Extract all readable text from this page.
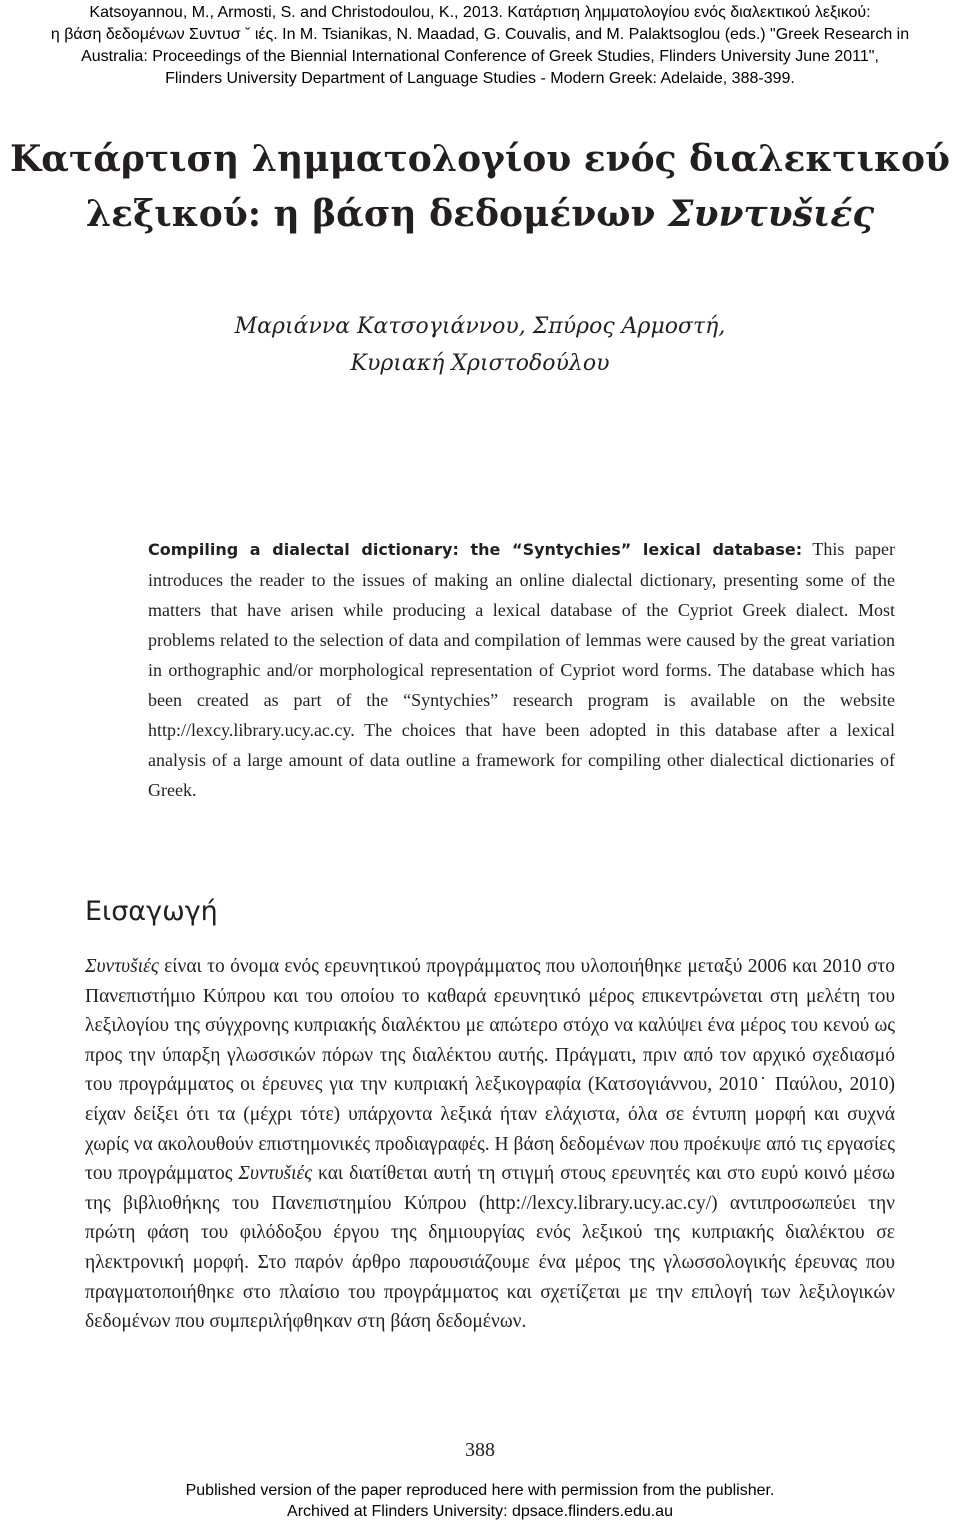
Katsoyannou, M., Armosti, S. and Christodoulou, K., 2013. Κατάρτιση λημματολογίου ενός διαλεκτικού λεξικού:
η βάση δεδομένων Συντυσ ˇ ιές. In M. Tsianikas, N. Maadad, G. Couvalis, and M. Palaktsoglou (eds.) "Greek Research in
Australia: Proceedings of the Biennial International Conference of Greek Studies, Flinders University June 2011",
Flinders University Department of Language Studies - Modern Greek: Adelaide, 388-399.
Κατάρτιση λημματολογίου ενός διαλεκτικού
λεξικού: η βάση δεδομένων Συντυšιές
Μαριάννα Κατσογιάννου, Σπύρος Αρμοστή,
Κυριακή Χριστοδούλου

Compiling a dialectal dictionary: the “Syntychies” lexical database: This paper introduces the reader to the issues of making an online dialectal dictionary, presenting some of the matters that have arisen while producing a lexical database of the Cypriot Greek dialect. Most problems related to the selection of data and compilation of lemmas were caused by the great variation in orthographic and/or morphological representation of Cypriot word forms. The database which has been created as part of the “Syntychies” research program is available on the website http://lexcy.library.ucy.ac.cy. The choices that have been adopted in this database after a lexical analysis of a large amount of data outline a framework for compiling other dialectical dictionaries of Greek.

Εισαγωγή

Συντυšιές είναι το όνομα ενός ερευνητικού προγράμματος που υλοποιήθηκε μεταξύ 2006 και 2010 στο Πανεπιστήμιο Κύπρου και του οποίου το καθαρά ερευνητικό μέρος επικεντρώνεται στη μελέτη του λεξιλογίου της σύγχρονης κυπριακής διαλέκτου με απώτερο στόχο να καλύψει ένα μέρος του κενού ως προς την ύπαρξη γλωσσικών πόρων της διαλέκτου αυτής. Πράγματι, πριν από τον αρχικό σχεδιασμό του προγράμματος οι έρευνες για την κυπριακή λεξικογραφία (Κατσογιάννου, 2010˙ Παύλου, 2010) είχαν δείξει ότι τα (μέχρι τότε) υπάρχοντα λεξικά ήταν ελάχιστα, όλα σε έντυπη μορφή και συχνά χωρίς να ακολουθούν επιστημονικές προδιαγραφές. Η βάση δεδομένων που προέκυψε από τις εργασίες του προγράμματος Συντυšιές και διατίθεται αυτή τη στιγμή στους ερευνητές και στο ευρύ κοινό μέσω της βιβλιοθήκης του Πανεπιστημίου Κύπρου (http://lexcy.library.ucy.ac.cy/) αντιπροσωπεύει την πρώτη φάση του φιλόδοξου έργου της δημιουργίας ενός λεξικού της κυπριακής διαλέκτου σε ηλεκτρονική μορφή. Στο παρόν άρθρο παρουσιάζουμε ένα μέρος της γλωσσολογικής έρευνας που πραγματοποιήθηκε στο πλαίσιο του προγράμματος και σχετίζεται με την επιλογή των λεξιλογικών δεδομένων που συμπεριλήφθηκαν στη βάση δεδομένων.

388
Published version of the paper reproduced here with permission from the publisher.
Archived at Flinders University: dpsace.flinders.edu.au
